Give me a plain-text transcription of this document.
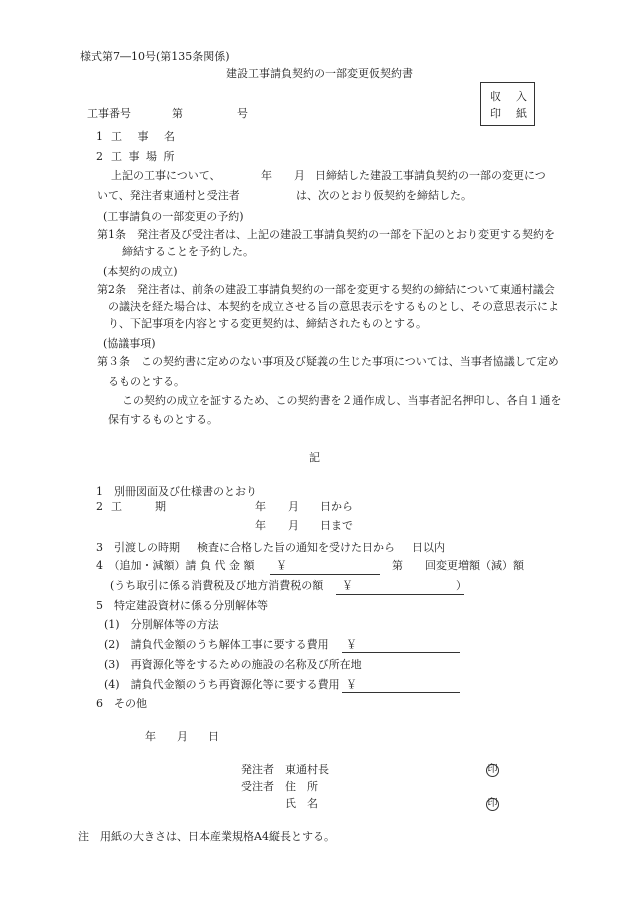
様式第7―10号(第135条関係)
建設工事請負契約の一部変更仮契約書
収 入
印 紙
工事番号	第	号
1 工 事 名
2 工 事 場 所
上記の工事について、	年 月 日締結した建設工事請負契約の一部の変更につ
いて、発注者東通村と受注者	は、次のとおり仮契約を締結した。
(工事請負の一部変更の予約)
第1条　発注者及び受注者は、上記の建設工事請負契約の一部を下記のとおり変更する契約を
締結することを予約した。
(本契約の成立)
第2条　発注者は、前条の建設工事請負契約の一部を変更する契約の締結について東通村議会
の議決を経た場合は、本契約を成立させる旨の意思表示をするものとし、その意思表示によ
り、下記事項を内容とする変更契約は、締結されたものとする。
(協議事項)
第３条　この契約書に定めのない事項及び疑義の生じた事項については、当事者協議して定め
るものとする。
この契約の成立を証するため、この契約書を２通作成し、当事者記名押印し、各自１通を
保有するものとする。
記
1　別冊図面及び仕様書のとおり
2 工　　　期	年 月 日から
年 月 日まで
3　引渡しの時期 検査に合格した旨の通知を受けた日から 日以内
4　（追加・減額）請 負 代 金 額 ￥	第 回変更増額（減）額
(うち取引に係る消費税及び地方消費税の額 ￥	）
5　特定建設資材に係る分別解体等
(1)　分別解体等の方法
(2)　請負代金額のうち解体工事に要する費用 ￥
(3)　再資源化等をするための施設の名称及び所在地
(4)　請負代金額のうち再資源化等に要する費用 ￥
6　その他
年 月 日
発注者 東通村長	印
受注者 住　所
氏　名	印
注　用紙の大きさは、日本産業規格A4縦長とする。
